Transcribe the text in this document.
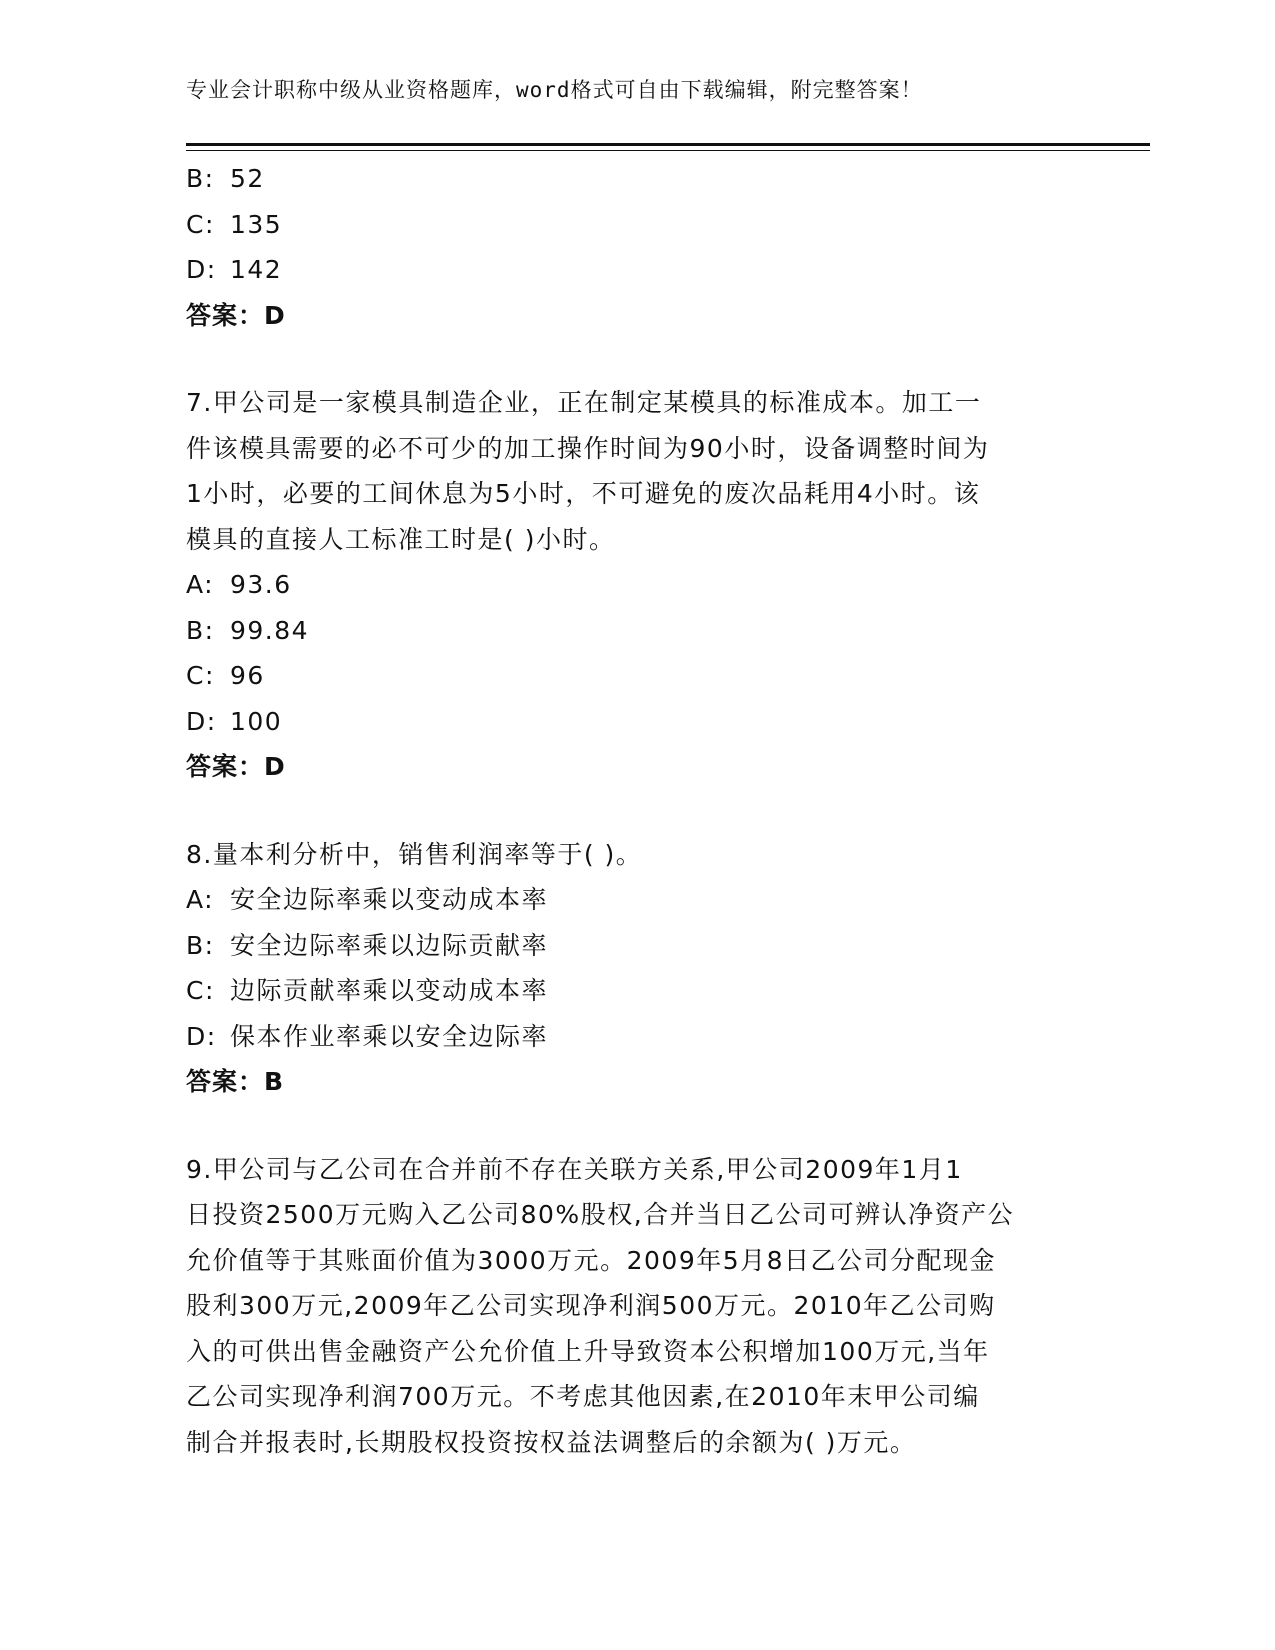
专业会计职称中级从业资格题库，word格式可自由下载编辑，附完整答案！
B: 52
C: 135
D: 142
答案：D
7.甲公司是一家模具制造企业，正在制定某模具的标准成本。加工一
件该模具需要的必不可少的加工操作时间为90小时，设备调整时间为
1小时，必要的工间休息为5小时，不可避免的废次品耗用4小时。该
模具的直接人工标准工时是( )小时。
A: 93.6
B: 99.84
C: 96
D: 100
答案：D
8.量本利分析中，销售利润率等于( )。
A: 安全边际率乘以变动成本率
B: 安全边际率乘以边际贡献率
C: 边际贡献率乘以变动成本率
D: 保本作业率乘以安全边际率
答案：B
9.甲公司与乙公司在合并前不存在关联方关系,甲公司2009年1月1
日投资2500万元购入乙公司80%股权,合并当日乙公司可辨认净资产公
允价值等于其账面价值为3000万元。2009年5月8日乙公司分配现金
股利300万元,2009年乙公司实现净利润500万元。2010年乙公司购
入的可供出售金融资产公允价值上升导致资本公积增加100万元,当年
乙公司实现净利润700万元。不考虑其他因素,在2010年末甲公司编
制合并报表时,长期股权投资按权益法调整后的余额为( )万元。
